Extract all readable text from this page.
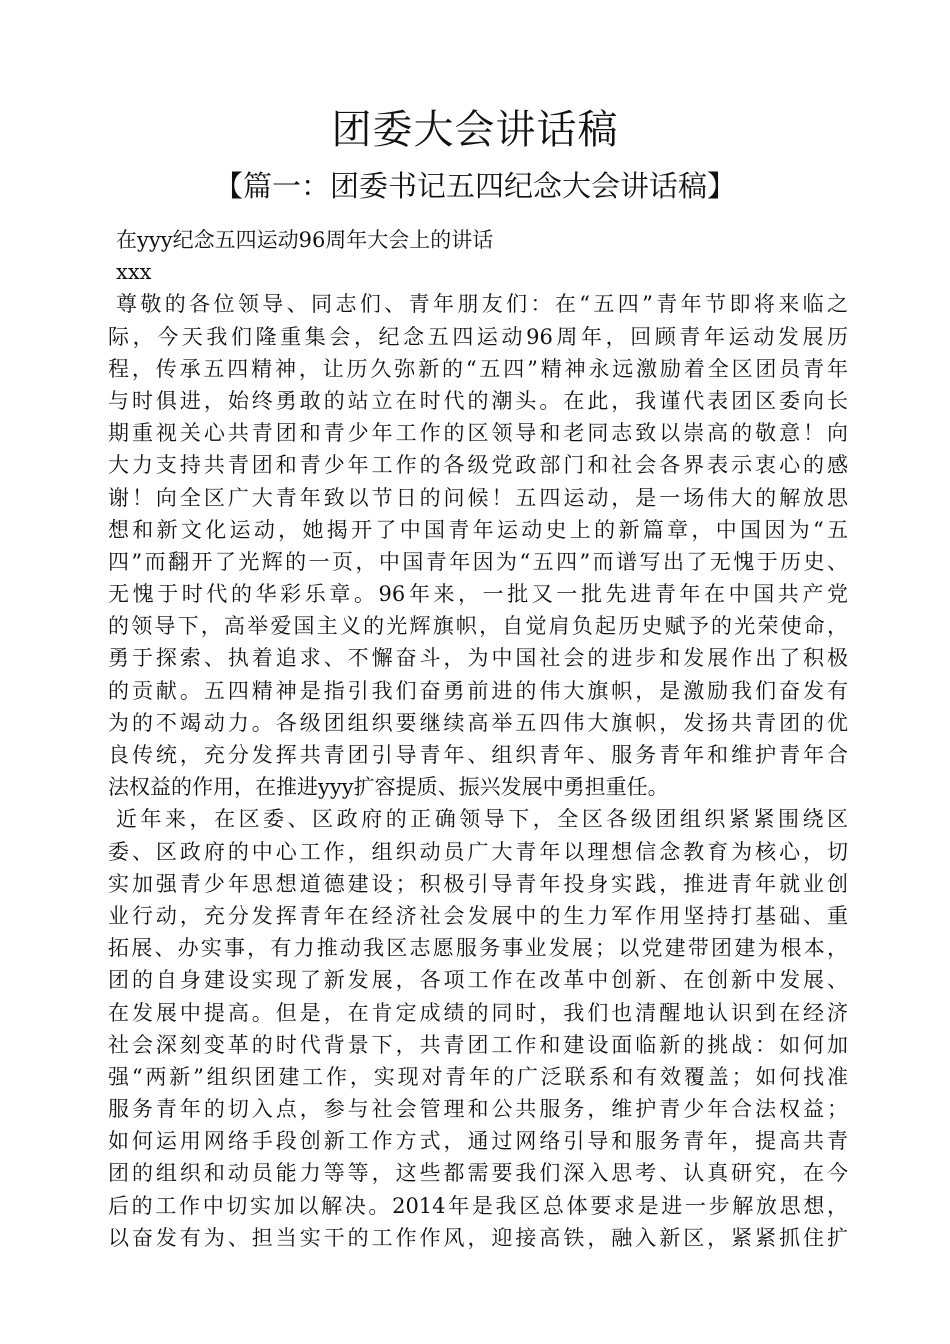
团委大会讲话稿
【篇一：团委书记五四纪念大会讲话稿】
在yyy纪念五四运动96周年大会上的讲话
xxx
尊敬的各位领导、同志们、青年朋友们：在“五四”青年节即将来临之
际，今天我们隆重集会，纪念五四运动96周年，回顾青年运动发展历
程，传承五四精神，让历久弥新的“五四”精神永远激励着全区团员青年
与时俱进，始终勇敢的站立在时代的潮头。在此，我谨代表团区委向长
期重视关心共青团和青少年工作的区领导和老同志致以崇高的敬意！向
大力支持共青团和青少年工作的各级党政部门和社会各界表示衷心的感
谢！向全区广大青年致以节日的问候！五四运动，是一场伟大的解放思
想和新文化运动，她揭开了中国青年运动史上的新篇章，中国因为“五
四”而翻开了光辉的一页，中国青年因为“五四”而谱写出了无愧于历史、
无愧于时代的华彩乐章。96年来，一批又一批先进青年在中国共产党
的领导下，高举爱国主义的光辉旗帜，自觉肩负起历史赋予的光荣使命，
勇于探索、执着追求、不懈奋斗，为中国社会的进步和发展作出了积极
的贡献。五四精神是指引我们奋勇前进的伟大旗帜，是激励我们奋发有
为的不竭动力。各级团组织要继续高举五四伟大旗帜，发扬共青团的优
良传统，充分发挥共青团引导青年、组织青年、服务青年和维护青年合
法权益的作用，在推进yyy扩容提质、振兴发展中勇担重任。
近年来，在区委、区政府的正确领导下，全区各级团组织紧紧围绕区
委、区政府的中心工作，组织动员广大青年以理想信念教育为核心，切
实加强青少年思想道德建设；积极引导青年投身实践，推进青年就业创
业行动，充分发挥青年在经济社会发展中的生力军作用坚持打基础、重
拓展、办实事，有力推动我区志愿服务事业发展；以党建带团建为根本，
团的自身建设实现了新发展，各项工作在改革中创新、在创新中发展、
在发展中提高。但是，在肯定成绩的同时，我们也清醒地认识到在经济
社会深刻变革的时代背景下，共青团工作和建设面临新的挑战：如何加
强“两新”组织团建工作，实现对青年的广泛联系和有效覆盖；如何找准
服务青年的切入点，参与社会管理和公共服务，维护青少年合法权益；
如何运用网络手段创新工作方式，通过网络引导和服务青年，提高共青
团的组织和动员能力等等，这些都需要我们深入思考、认真研究，在今
后的工作中切实加以解决。2014年是我区总体要求是进一步解放思想，
以奋发有为、担当实干的工作作风，迎接高铁，融入新区，紧紧抓住扩
